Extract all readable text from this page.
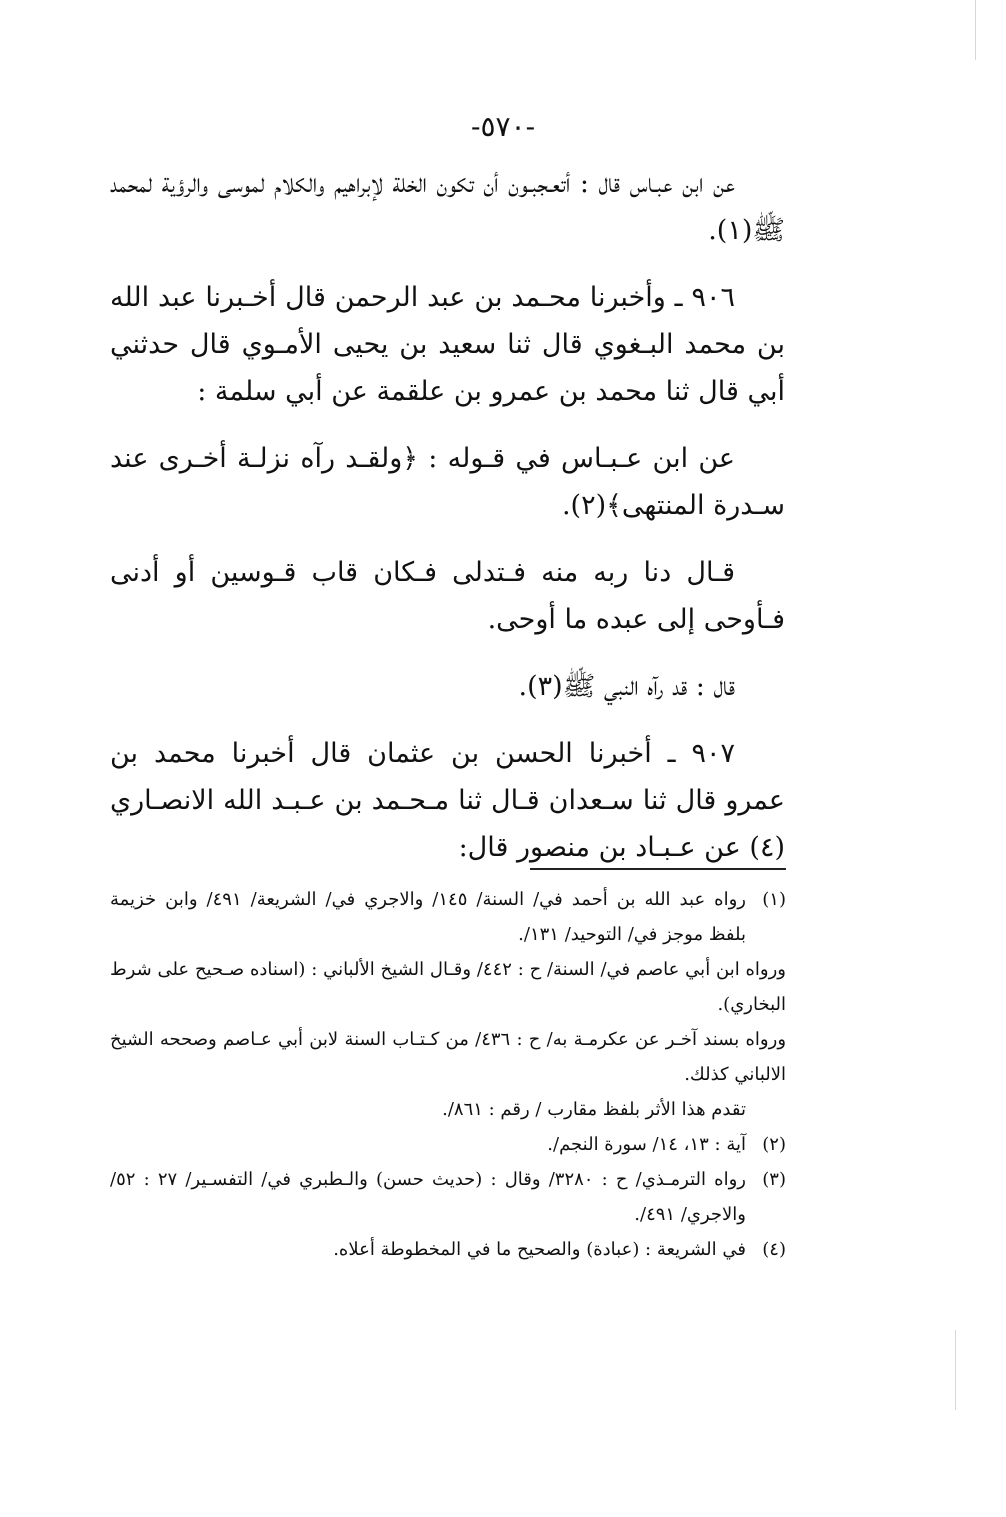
-٥٧٠-

عن ابن عبـاس قال : أتعـجبـون أن تكون الخلة لإبراهيم والكلام لموسى والرؤية لمحمد ﷺ(١).

٩٠٦ ـ وأخبرنا محـمد بن عبد الرحمن قال أخـبرنا عبد الله بن محمد البـغوي قال ثنا سعيد بن يحيى الأمـوي قال حدثني أبي قال ثنا محمد بن عمرو بن علقمة عن أبي سلمة :

عن ابن عـبـاس في قـوله : ﴿ولقـد رآه نزلـة أخـرى عند سـدرة المنتهى﴾(٢).

قـال دنا ربه منه فـتدلى فـكان قاب قـوسين أو أدنى فـأوحى إلى عبده ما أوحى.

قال : قد رآه النبي ﷺ(٣).

٩٠٧ ـ أخبرنا الحسن بن عثمان قال أخبرنا محمد بن عمرو قال ثنا سـعدان قـال ثنا مـحـمد بن عـبـد الله الانصـاري (٤) عن عـبـاد بن منصور قال:

(١)

رواه عبد الله بن أحمد في/ السنة/ ١٤٥/ والاجري في/ الشريعة/ ٤٩١/ وابن خزيمة بلفظ موجز في/ التوحيد/ ١٣١/.

ورواه ابن أبي عاصم في/ السنة/ ح : ٤٤٢/ وقـال الشيخ الألباني : (اسناده صـحيح على شرط البخاري).

ورواه بسند آخـر عن عكرمـة به/ ح : ٤٣٦/ من كـتـاب السنة لابن أبي عـاصم وصححه الشيخ الالباني كذلك.

تقدم هذا الأثر بلفظ مقارب / رقم : ٨٦١/.

(٢)

آية : ١٣، ١٤/ سورة النجم/.

(٣)

رواه الترمـذي/ ح : ٣٢٨٠/ وقال : (حديث حسن) والـطبري في/ التفسـير/ ٢٧ : ٥٢/ والاجري/ ٤٩١/.

(٤)

في الشريعة : (عبادة) والصحيح ما في المخطوطة أعلاه.
